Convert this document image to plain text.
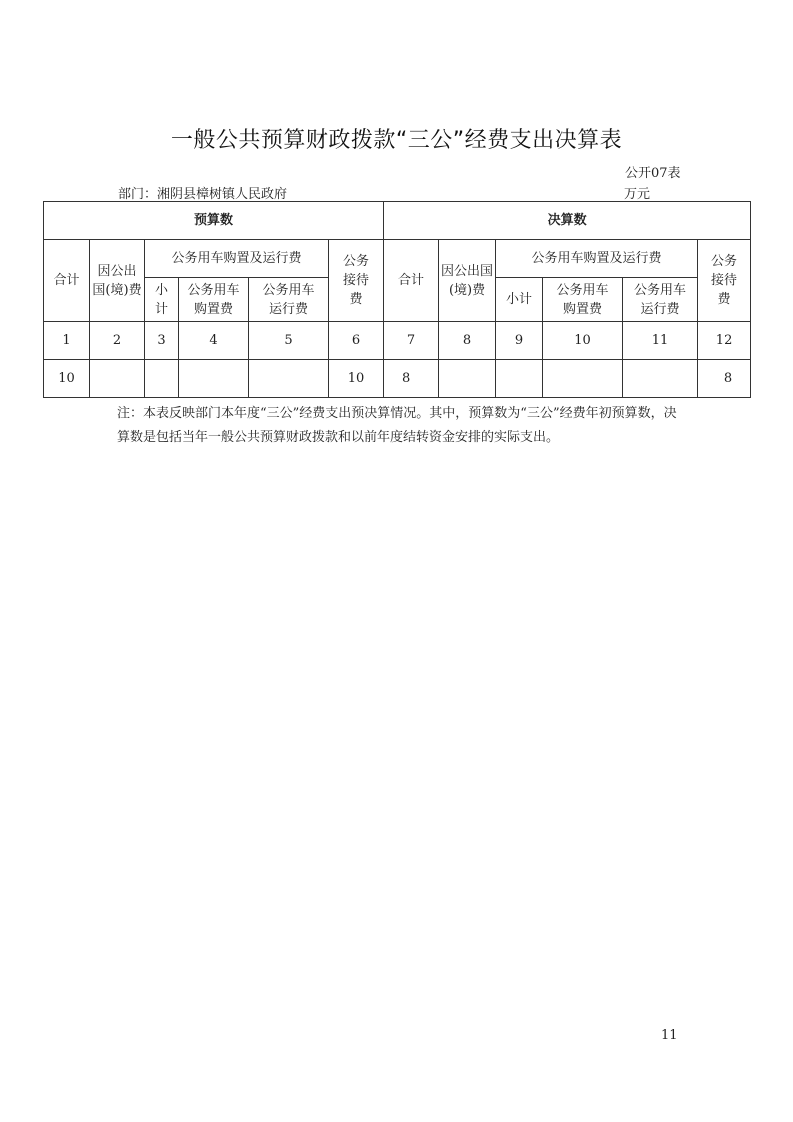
一般公共预算财政拨款“三公”经费支出决算表
公开07表
部门：湘阴县樟树镇人民政府	万元
预算数						决算数					
合计	因公出国(境)费	公务用车购置及运行费			公务接待费	合计	因公出国(境)费	公务用车购置及运行费			公务接待费
		小计	公务用车购置费	公务用车运行费				小计	公务用车购置费	公务用车运行费	
1	2	3	4	5	6	7	8	9	10	11	12
10					10	8					8
注：本表反映部门本年度“三公”经费支出预决算情况。其中，预算数为“三公”经费年初预算数，决算数是包括当年一般公共预算财政拨款和以前年度结转资金安排的实际支出。
11
